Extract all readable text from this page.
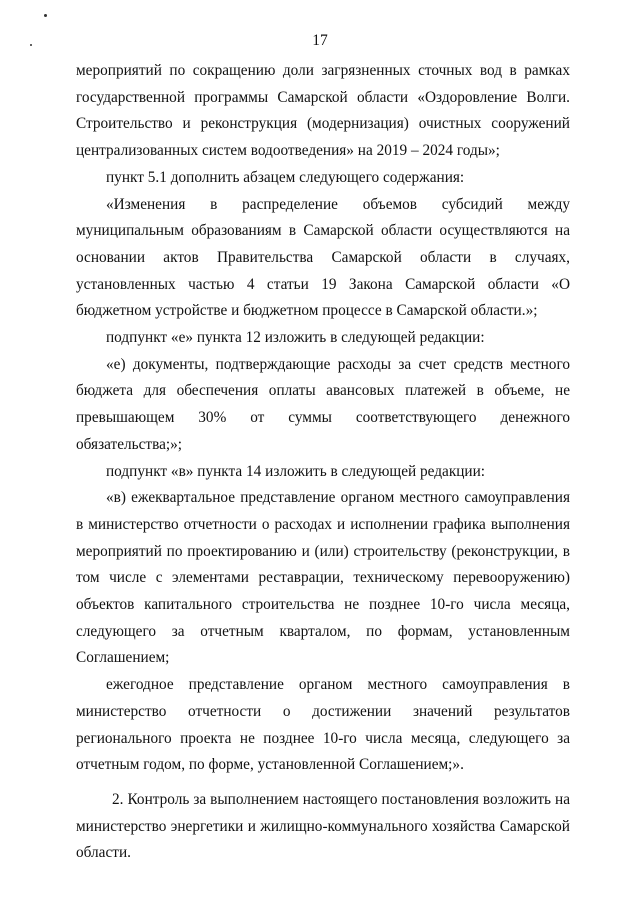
17

мероприятий по сокращению доли загрязненных сточных вод в рамках государственной программы Самарской области «Оздоровление Волги. Строительство и реконструкция (модернизация) очистных сооружений централизованных систем водоотведения» на 2019 – 2024 годы»;

пункт 5.1 дополнить абзацем следующего содержания:

«Изменения в распределение объемов субсидий между муниципальным образованиям в Самарской области осуществляются на основании актов Правительства Самарской области в случаях, установленных частью 4 статьи 19 Закона Самарской области «О бюджетном устройстве и бюджетном процессе в Самарской области.»;

подпункт «е» пункта 12 изложить в следующей редакции:

«е) документы, подтверждающие расходы за счет средств местного бюджета для обеспечения оплаты авансовых платежей в объеме, не превышающем 30% от суммы соответствующего денежного обязательства;»;

подпункт «в» пункта 14 изложить в следующей редакции:

«в) ежеквартальное представление органом местного самоуправления в министерство отчетности о расходах и исполнении графика выполнения мероприятий по проектированию и (или) строительству (реконструкции, в том числе с элементами реставрации, техническому перевооружению) объектов капитального строительства не позднее 10-го числа месяца, следующего за отчетным кварталом, по формам, установленным Соглашением;

ежегодное представление органом местного самоуправления в министерство отчетности о достижении значений результатов регионального проекта не позднее 10-го числа месяца, следующего за отчетным годом, по форме, установленной Соглашением;».

2. Контроль за выполнением настоящего постановления возложить на министерство энергетики и жилищно-коммунального хозяйства Самарской области.
